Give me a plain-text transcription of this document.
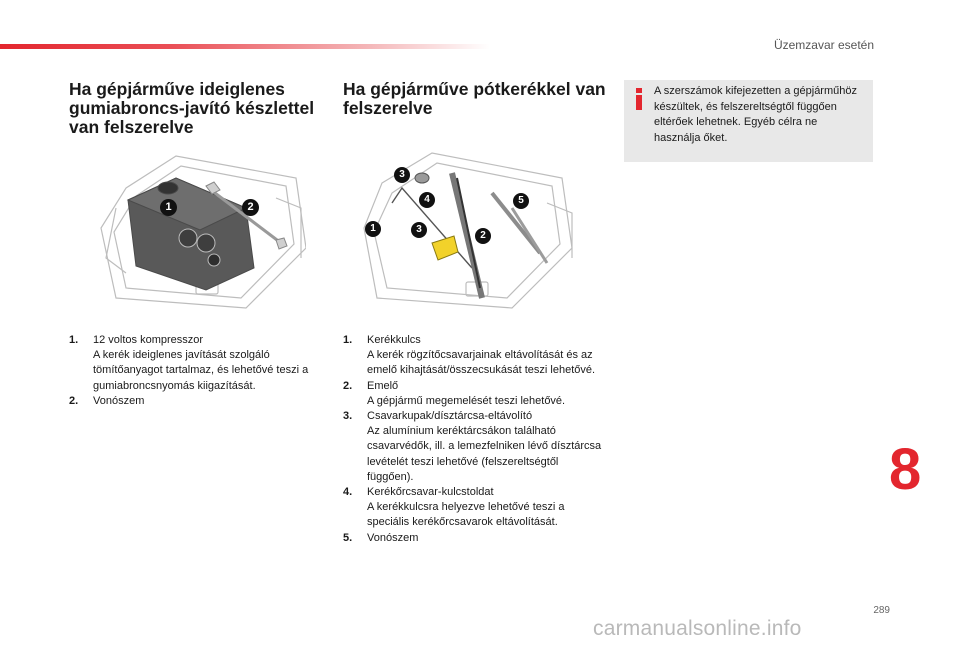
Üzemzavar esetén
Ha gépjárműve ideiglenes gumiabroncs-javító készlettel van felszerelve
Ha gépjárműve pótkerékkel van felszerelve
A szerszámok kifejezetten a gépjárműhöz készültek, és felszereltségtől függően eltérőek lehetnek. Egyéb célra ne használja őket.
1	2
3
4	5
1	3
2
1. 12 voltos kompresszor
A kerék ideiglenes javítását szolgáló tömítőanyagot tartalmaz, és lehetővé teszi a gumiabroncsnyomás kiigazítását.
2. Vonószem
1. Kerékkulcs
A kerék rögzítőcsavarjainak eltávolítását és az emelő kihajtását/összecsukását teszi lehetővé.
2. Emelő
A gépjármű megemelését teszi lehetővé.
3. Csavarkupak/dísztárcsa-eltávolító
Az alumínium keréktárcsákon található csavarvédők, ill. a lemezfelniken lévő dísztárcsa levételét teszi lehetővé (felszereltségtől függően).
4. Kerékőrcsavar-kulcstoldat
A kerékkulcsra helyezve lehetővé teszi a speciális kerékőrcsavarok eltávolítását.
5. Vonószem
8
289
carmanualsonline.info
